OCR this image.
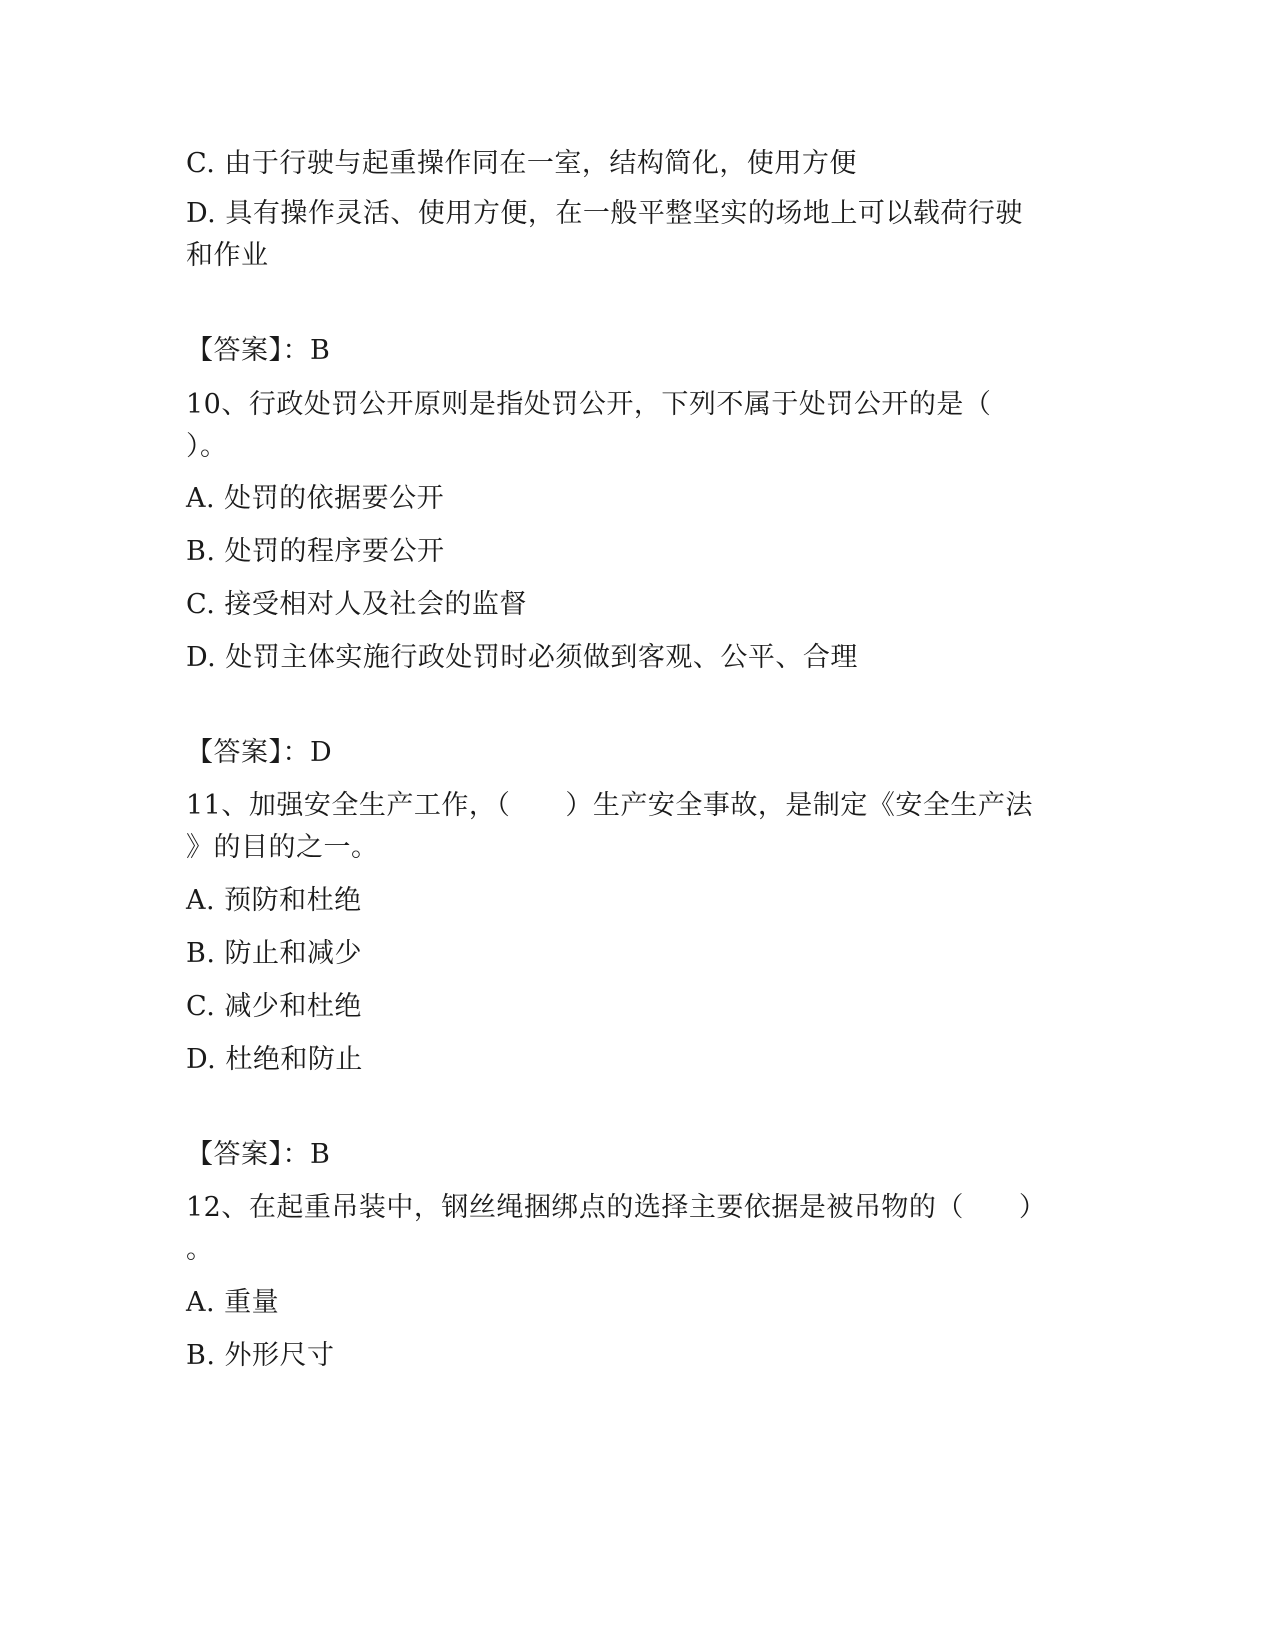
C. 由于行驶与起重操作同在一室，结构简化，使用方便
D. 具有操作灵活、使用方便，在一般平整坚实的场地上可以载荷行驶
和作业
【答案】：B
10、行政处罚公开原则是指处罚公开，下列不属于处罚公开的是（
）。
A. 处罚的依据要公开
B. 处罚的程序要公开
C. 接受相对人及社会的监督
D. 处罚主体实施行政处罚时必须做到客观、公平、合理
【答案】：D
11、加强安全生产工作，（　　）生产安全事故，是制定《安全生产法
》的目的之一。
A. 预防和杜绝
B. 防止和减少
C. 减少和杜绝
D. 杜绝和防止
【答案】：B
12、在起重吊装中，钢丝绳捆绑点的选择主要依据是被吊物的（　　）
。
A. 重量
B. 外形尺寸
